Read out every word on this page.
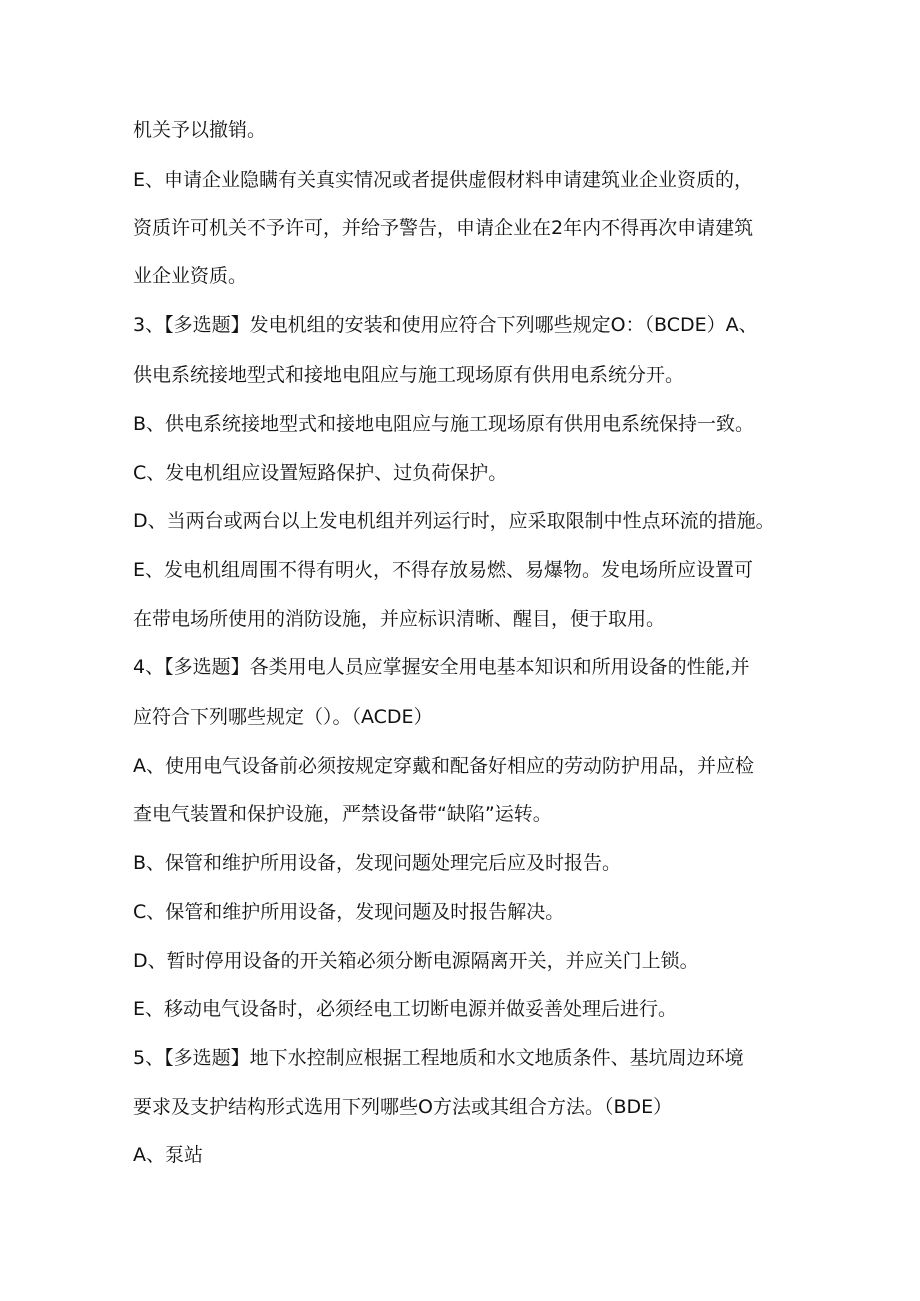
机关予以撤销。
E、申请企业隐瞒有关真实情况或者提供虚假材料申请建筑业企业资质的，
资质许可机关不予许可，并给予警告，申请企业在2年内不得再次申请建筑
业企业资质。
3、【多选题】发电机组的安装和使用应符合下列哪些规定O：（BCDE）A、
供电系统接地型式和接地电阻应与施工现场原有供用电系统分开。
B、供电系统接地型式和接地电阻应与施工现场原有供用电系统保持一致。
C、发电机组应设置短路保护、过负荷保护。
D、当两台或两台以上发电机组并列运行时，应采取限制中性点环流的措施。
E、发电机组周围不得有明火，不得存放易燃、易爆物。发电场所应设置可
在带电场所使用的消防设施，并应标识清晰、醒目，便于取用。
4、【多选题】各类用电人员应掌握安全用电基本知识和所用设备的性能,并
应符合下列哪些规定（）。（ACDE）
A、使用电气设备前必须按规定穿戴和配备好相应的劳动防护用品，并应检
查电气装置和保护设施，严禁设备带“缺陷”运转。
B、保管和维护所用设备，发现问题处理完后应及时报告。
C、保管和维护所用设备，发现问题及时报告解决。
D、暂时停用设备的开关箱必须分断电源隔离开关，并应关门上锁。
E、移动电气设备时，必须经电工切断电源并做妥善处理后进行。
5、【多选题】地下水控制应根据工程地质和水文地质条件、基坑周边环境
要求及支护结构形式选用下列哪些O方法或其组合方法。（BDE）
A、泵站
